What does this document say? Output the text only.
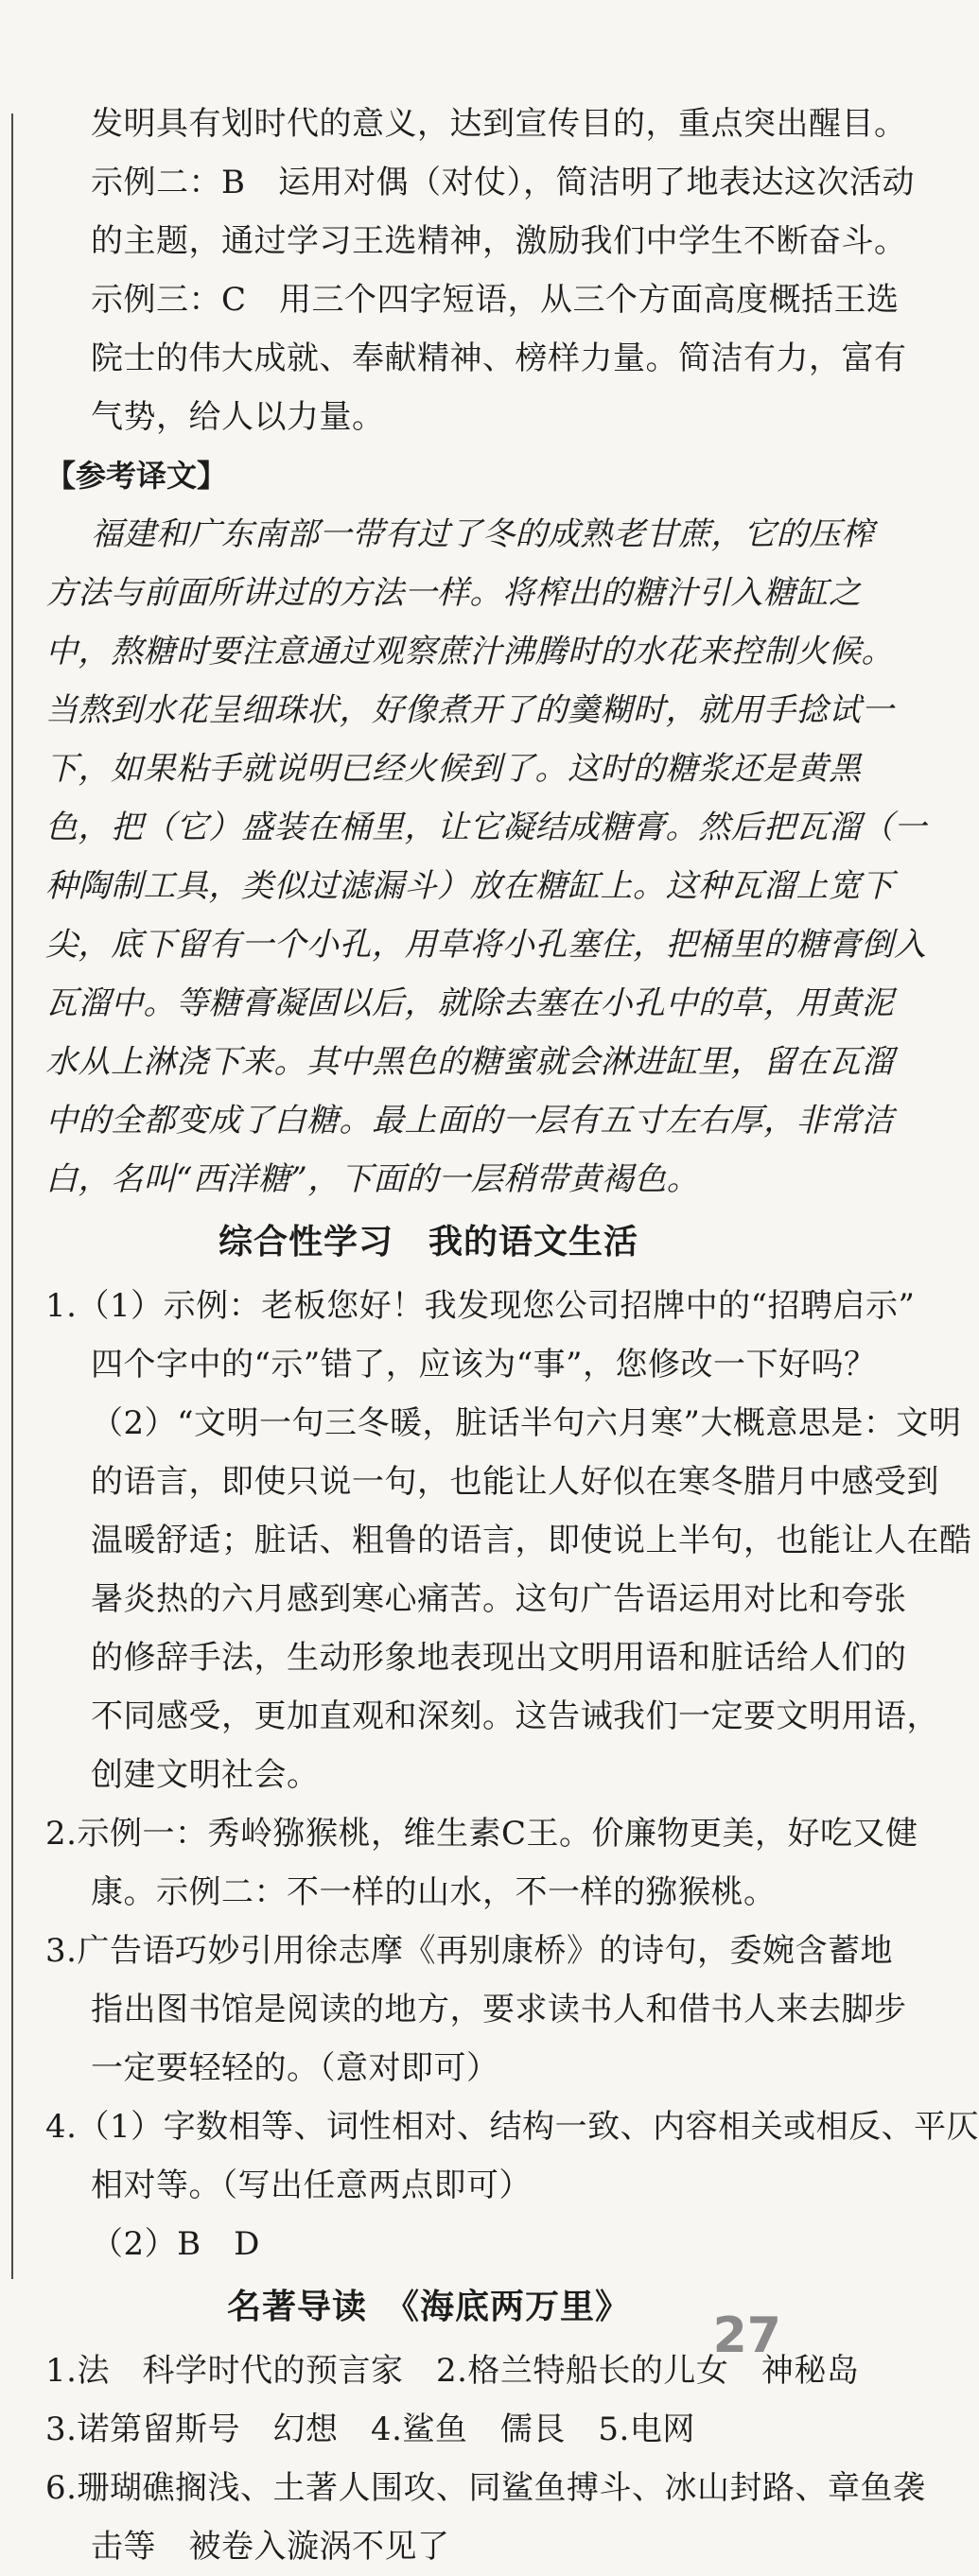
发明具有划时代的意义，达到宣传目的，重点突出醒目。
示例二：B　运用对偶（对仗），简洁明了地表达这次活动
的主题，通过学习王选精神，激励我们中学生不断奋斗。
示例三：C　用三个四字短语，从三个方面高度概括王选
院士的伟大成就、奉献精神、榜样力量。简洁有力，富有
气势，给人以力量。
【参考译文】
福建和广东南部一带有过了冬的成熟老甘蔗，它的压榨
方法与前面所讲过的方法一样。将榨出的糖汁引入糖缸之
中，熬糖时要注意通过观察蔗汁沸腾时的水花来控制火候。
当熬到水花呈细珠状，好像煮开了的羹糊时，就用手捻试一
下，如果粘手就说明已经火候到了。这时的糖浆还是黄黑
色，把（它）盛装在桶里，让它凝结成糖膏。然后把瓦溜（一
种陶制工具，类似过滤漏斗）放在糖缸上。这种瓦溜上宽下
尖，底下留有一个小孔，用草将小孔塞住，把桶里的糖膏倒入
瓦溜中。等糖膏凝固以后，就除去塞在小孔中的草，用黄泥
水从上淋浇下来。其中黑色的糖蜜就会淋进缸里，留在瓦溜
中的全都变成了白糖。最上面的一层有五寸左右厚，非常洁
白，名叫“西洋糖”，下面的一层稍带黄褐色。
综合性学习　我的语文生活
1.（1）示例：老板您好！我发现您公司招牌中的“招聘启示”
四个字中的“示”错了，应该为“事”，您修改一下好吗？
（2）“文明一句三冬暖，脏话半句六月寒”大概意思是：文明
的语言，即使只说一句，也能让人好似在寒冬腊月中感受到
温暖舒适；脏话、粗鲁的语言，即使说上半句，也能让人在酷
暑炎热的六月感到寒心痛苦。这句广告语运用对比和夸张
的修辞手法，生动形象地表现出文明用语和脏话给人们的
不同感受，更加直观和深刻。这告诫我们一定要文明用语，
创建文明社会。
2.示例一：秀岭猕猴桃，维生素C王。价廉物更美，好吃又健
康。示例二：不一样的山水，不一样的猕猴桃。
3.广告语巧妙引用徐志摩《再别康桥》的诗句，委婉含蓄地
指出图书馆是阅读的地方，要求读书人和借书人来去脚步
一定要轻轻的。（意对即可）
4.（1）字数相等、词性相对、结构一致、内容相关或相反、平仄
相对等。（写出任意两点即可）
（2）B　D
名著导读　《海底两万里》
1.法　科学时代的预言家　2.格兰特船长的儿女　神秘岛
3.诺第留斯号　幻想　4.鲨鱼　儒艮　5.电网
6.珊瑚礁搁浅、土著人围攻、同鲨鱼搏斗、冰山封路、章鱼袭
击等　被卷入漩涡不见了
27
